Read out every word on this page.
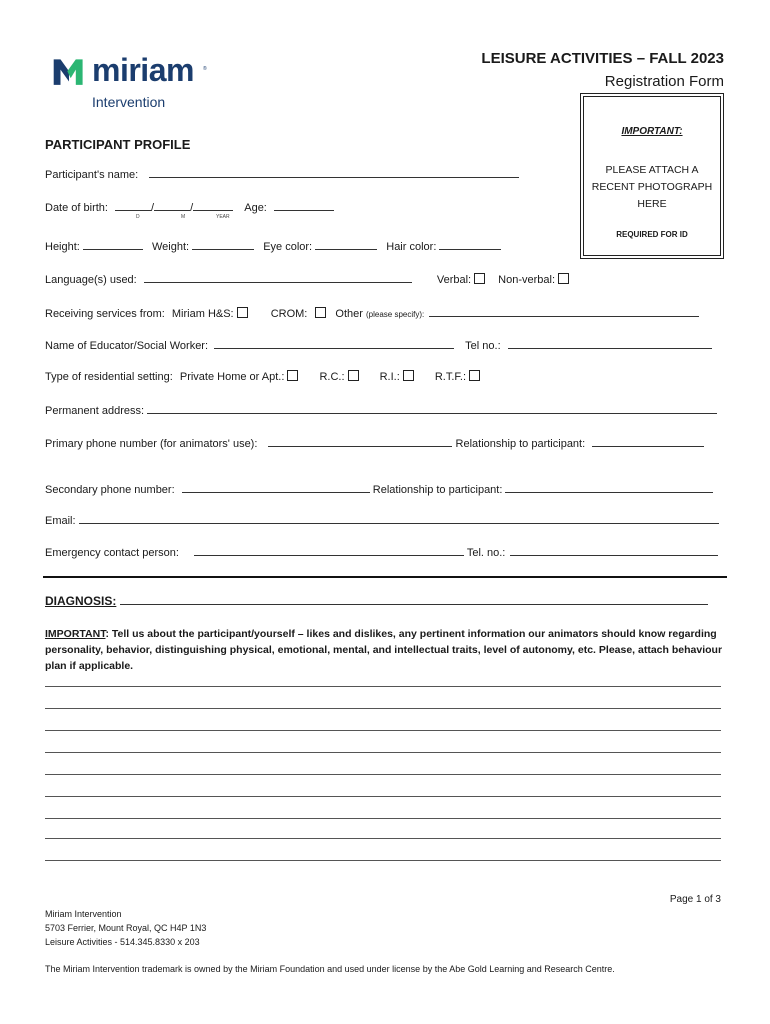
miriam ®
Intervention
LEISURE ACTIVITIES – FALL 2023
Registration Form
IMPORTANT:
PLEASE ATTACH A
RECENT PHOTOGRAPH
HERE
REQUIRED FOR ID
PARTICIPANT PROFILE
Participant's name:
Date of birth:	/	/	Age:
D	M	YEAR
Height:	Weight:	Eye color:	Hair color:
Language(s) used:	Verbal: Non-verbal:
Receiving services from: Miriam H&S:	CROM:	Other (please specify):
Name of Educator/Social Worker:	Tel no.:
Type of residential setting: Private Home or Apt.:	R.C.:	R.I.:	R.T.F.:
Permanent address:
Primary phone number (for animators' use):	Relationship to participant:
Secondary phone number:	Relationship to participant:
Email:
Emergency contact person:	Tel. no.:
DIAGNOSIS:
IMPORTANT: Tell us about the participant/yourself – likes and dislikes, any pertinent information our animators should know regarding personality, behavior, distinguishing physical, emotional, mental, and intellectual traits, level of autonomy, etc. Please, attach behaviour plan if applicable.
Page 1 of 3
Miriam Intervention
5703 Ferrier, Mount Royal, QC H4P 1N3
Leisure Activities - 514.345.8330 x 203
The Miriam Intervention trademark is owned by the Miriam Foundation and used under license by the Abe Gold Learning and Research Centre.
